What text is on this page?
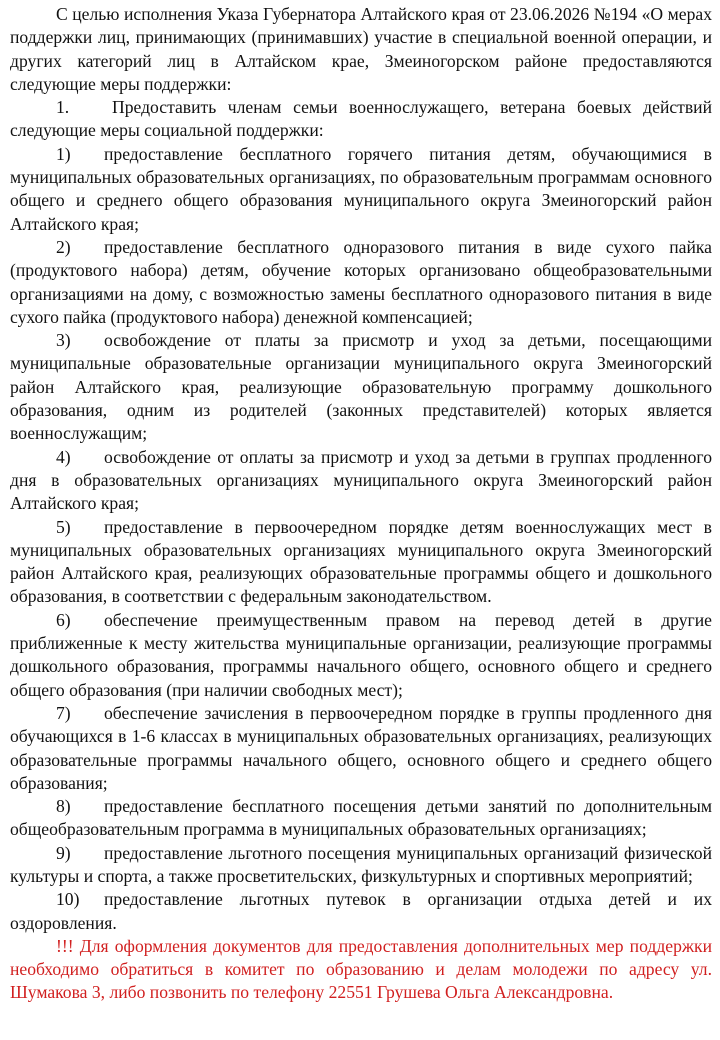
С целью исполнения Указа Губернатора Алтайского края от 23.06.2026 №194 «О мерах поддержки лиц, принимающих (принимавших) участие в специальной военной операции, и других категорий лиц в Алтайском крае, Змеиногорском районе предоставляются следующие меры поддержки:

1. Предоставить членам семьи военнослужащего, ветерана боевых действий следующие меры социальной поддержки:

1) предоставление бесплатного горячего питания детям, обучающимися в муниципальных образовательных организациях, по образовательным программам основного общего и среднего общего образования муниципального округа Змеиногорский район Алтайского края;

2) предоставление бесплатного одноразового питания в виде сухого пайка (продуктового набора) детям, обучение которых организовано общеобразовательными организациями на дому, с возможностью замены бесплатного одноразового питания в виде сухого пайка (продуктового набора) денежной компенсацией;

3) освобождение от платы за присмотр и уход за детьми, посещающими муниципальные образовательные организации муниципального округа Змеиногорский район Алтайского края, реализующие образовательную программу дошкольного образования, одним из родителей (законных представителей) которых является военнослужащим;

4) освобождение от оплаты за присмотр и уход за детьми в группах продленного дня в образовательных организациях муниципального округа Змеиногорский район Алтайского края;

5) предоставление в первоочередном порядке детям военнослужащих мест в муниципальных образовательных организациях муниципального округа Змеиногорский район Алтайского края, реализующих образовательные программы общего и дошкольного образования, в соответствии с федеральным законодательством.

6) обеспечение преимущественным правом на перевод детей в другие приближенные к месту жительства муниципальные организации, реализующие программы дошкольного образования, программы начального общего, основного общего и среднего общего образования (при наличии свободных мест);

7) обеспечение зачисления в первоочередном порядке в группы продленного дня обучающихся в 1-6 классах в муниципальных образовательных организациях, реализующих образовательные программы начального общего, основного общего и среднего общего образования;

8) предоставление бесплатного посещения детьми занятий по дополнительным общеобразовательным программа в муниципальных образовательных организациях;

9) предоставление льготного посещения муниципальных организаций физической культуры и спорта, а также просветительских, физкультурных и спортивных мероприятий;

10) предоставление льготных путевок в организации отдыха детей и их оздоровления.

!!! Для оформления документов для предоставления дополнительных мер поддержки необходимо обратиться в комитет по образованию и делам молодежи по адресу ул. Шумакова 3, либо позвонить по телефону 22551 Грушева Ольга Александровна.
